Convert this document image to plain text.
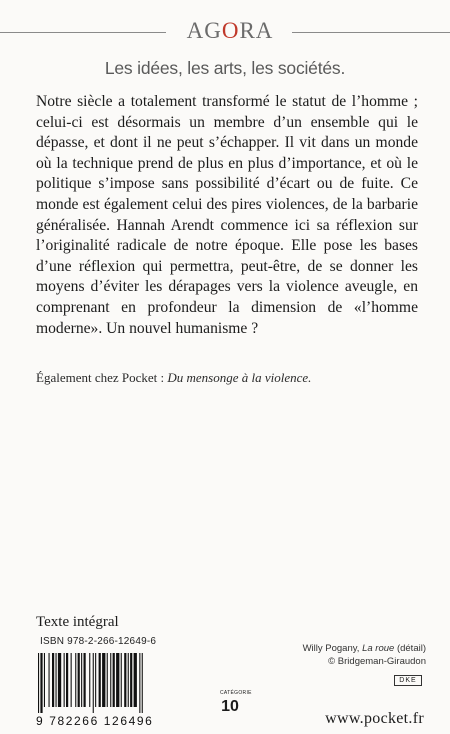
AGORA
Les idées, les arts, les sociétés.

Notre siècle a totalement transformé le statut de l’homme ; celui-ci est désormais un membre d’un ensemble qui le dépasse, et dont il ne peut s’échapper. Il vit dans un monde où la technique prend de plus en plus d’importance, et où le politique s’impose sans possibilité d’écart ou de fuite. Ce monde est également celui des pires violences, de la barbarie généralisée. Hannah Arendt commence ici sa réflexion sur l’originalité radicale de notre époque. Elle pose les bases d’une réflexion qui permettra, peut-être, de se donner les moyens d’éviter les dérapages vers la violence aveugle, en comprenant en profondeur la dimension de «l’homme moderne». Un nouvel humanisme ?

Également chez Pocket : Du mensonge à la violence.
Texte intégral
ISBN 978-2-266-12649-6
9 782266 126496
Willy Pogany, La roue (détail)
© Bridgeman-Giraudon
DKE
CATÉGORIE
10
www.pocket.fr
